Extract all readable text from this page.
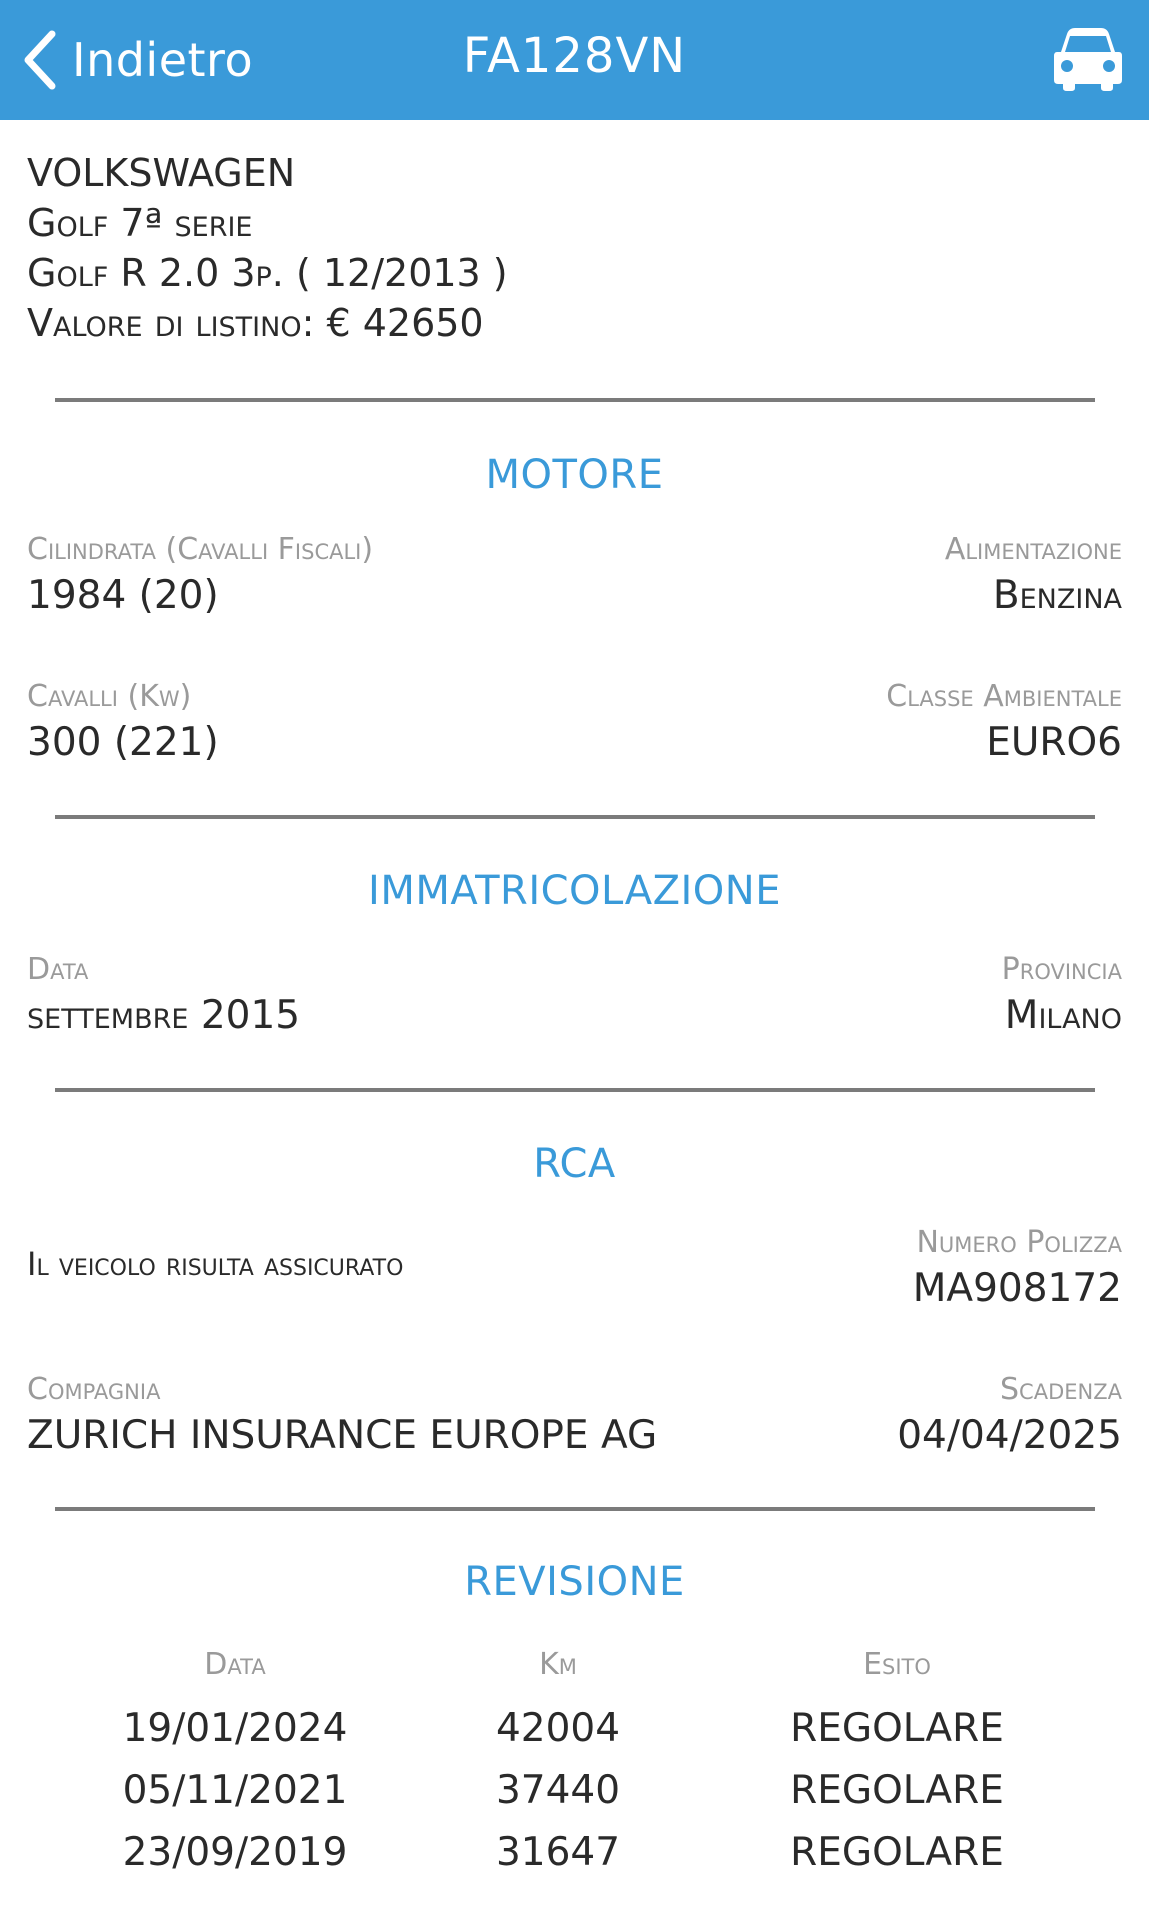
Indietro	FA128VN
VOLKSWAGEN
Golf 7ª serie
Golf R 2.0 3p. ( 12/2013 )
Valore di listino: € 42650
MOTORE
Cilindrata (Cavalli Fiscali)
1984 (20)
Alimentazione
Benzina
Cavalli (Kw)
300 (221)
Classe Ambientale
EURO6
IMMATRICOLAZIONE
Data
settembre 2015
Provincia
Milano
RCA
Il veicolo risulta assicurato
Numero Polizza
MA908172
Compagnia
ZURICH INSURANCE EUROPE AG
Scadenza
04/04/2025
REVISIONE
Data	Km	Esito
19/01/2024	42004	REGOLARE
05/11/2021	37440	REGOLARE
23/09/2019	31647	REGOLARE
